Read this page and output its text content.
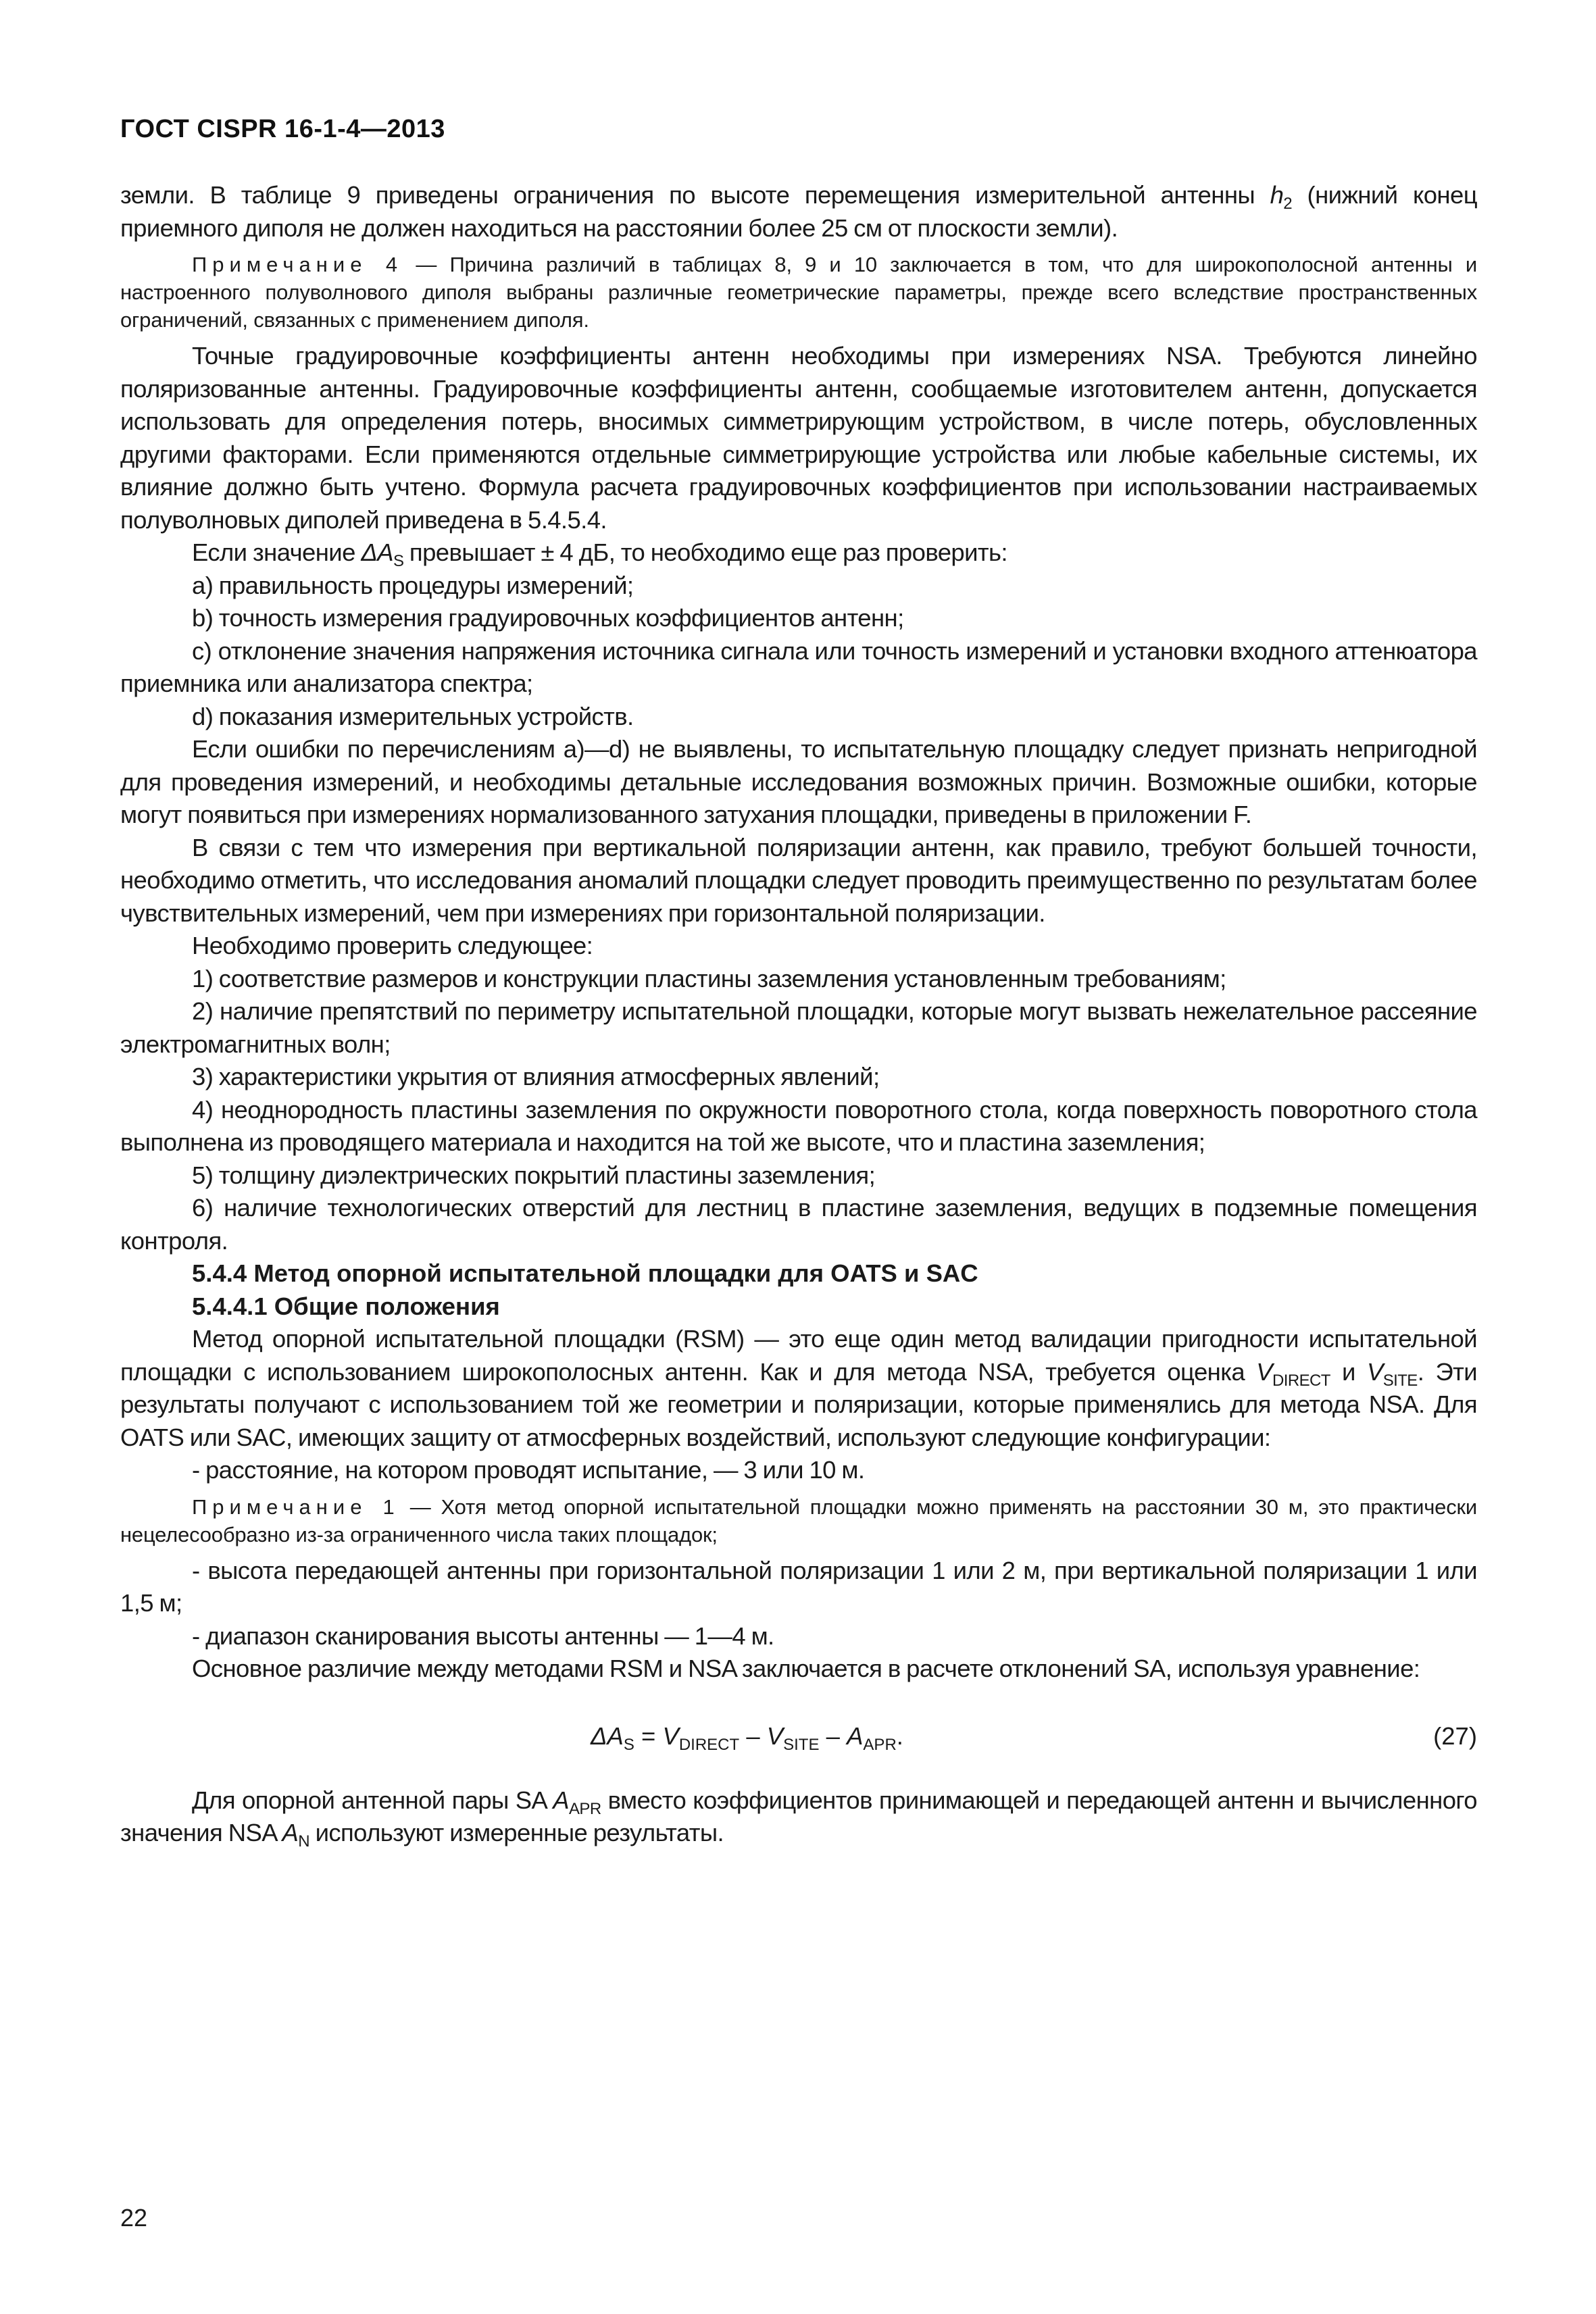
ГОСТ CISPR 16-1-4—2013

земли. В таблице 9 приведены ограничения по высоте перемещения измерительной антенны $h_2$ (нижний конец приемного диполя не должен находиться на расстоянии более 25 см от плоскости земли).

Примечание 4 — Причина различий в таблицах 8, 9 и 10 заключается в том, что для широкополосной антенны и настроенного полуволнового диполя выбраны различные геометрические параметры, прежде всего вследствие пространственных ограничений, связанных с применением диполя.

Точные градуировочные коэффициенты антенн необходимы при измерениях NSA. Требуются линейно поляризованные антенны. Градуировочные коэффициенты антенн, сообщаемые изготовителем антенн, допускается использовать для определения потерь, вносимых симметрирующим устройством, в числе потерь, обусловленных другими факторами. Если применяются отдельные симметрирующие устройства или любые кабельные системы, их влияние должно быть учтено. Формула расчета градуировочных коэффициентов при использовании настраиваемых полуволновых диполей приведена в 5.4.5.4.

Если значение $\Delta A_S$ превышает ± 4 дБ, то необходимо еще раз проверить:

a) правильность процедуры измерений;

b) точность измерения градуировочных коэффициентов антенн;

c) отклонение значения напряжения источника сигнала или точность измерений и установки входного аттенюатора приемника или анализатора спектра;

d) показания измерительных устройств.

Если ошибки по перечислениям а)—d) не выявлены, то испытательную площадку следует признать непригодной для проведения измерений, и необходимы детальные исследования возможных причин. Возможные ошибки, которые могут появиться при измерениях нормализованного затухания площадки, приведены в приложении F.

В связи с тем что измерения при вертикальной поляризации антенн, как правило, требуют большей точности, необходимо отметить, что исследования аномалий площадки следует проводить преимущественно по результатам более чувствительных измерений, чем при измерениях при горизонтальной поляризации.

Необходимо проверить следующее:

1) соответствие размеров и конструкции пластины заземления установленным требованиям;

2) наличие препятствий по периметру испытательной площадки, которые могут вызвать нежелательное рассеяние электромагнитных волн;

3) характеристики укрытия от влияния атмосферных явлений;

4) неоднородность пластины заземления по окружности поворотного стола, когда поверхность поворотного стола выполнена из проводящего материала и находится на той же высоте, что и пластина заземления;

5) толщину диэлектрических покрытий пластины заземления;

6) наличие технологических отверстий для лестниц в пластине заземления, ведущих в подземные помещения контроля.

5.4.4 Метод опорной испытательной площадки для OATS и SAC

5.4.4.1 Общие положения

Метод опорной испытательной площадки (RSM) — это еще один метод валидации пригодности испытательной площадки с использованием широкополосных антенн. Как и для метода NSA, требуется оценка $V_{DIRECT}$ и $V_{SITE}$. Эти результаты получают с использованием той же геометрии и поляризации, которые применялись для метода NSA. Для OATS или SAC, имеющих защиту от атмосферных воздействий, используют следующие конфигурации:

- расстояние, на котором проводят испытание, — 3 или 10 м.

Примечание 1 — Хотя метод опорной испытательной площадки можно применять на расстоянии 30 м, это практически нецелесообразно из-за ограниченного числа таких площадок;

- высота передающей антенны при горизонтальной поляризации 1 или 2 м, при вертикальной поляризации 1 или 1,5 м;

- диапазон сканирования высоты антенны — 1—4 м.

Основное различие между методами RSM и NSA заключается в расчете отклонений SA, используя уравнение:

$\Delta A_S = V_{DIRECT} - V_{SITE} - A_{APR}$.	(27)

Для опорной антенной пары SA $A_{APR}$ вместо коэффициентов принимающей и передающей антенн и вычисленного значения NSA $A_N$ используют измеренные результаты.

22
